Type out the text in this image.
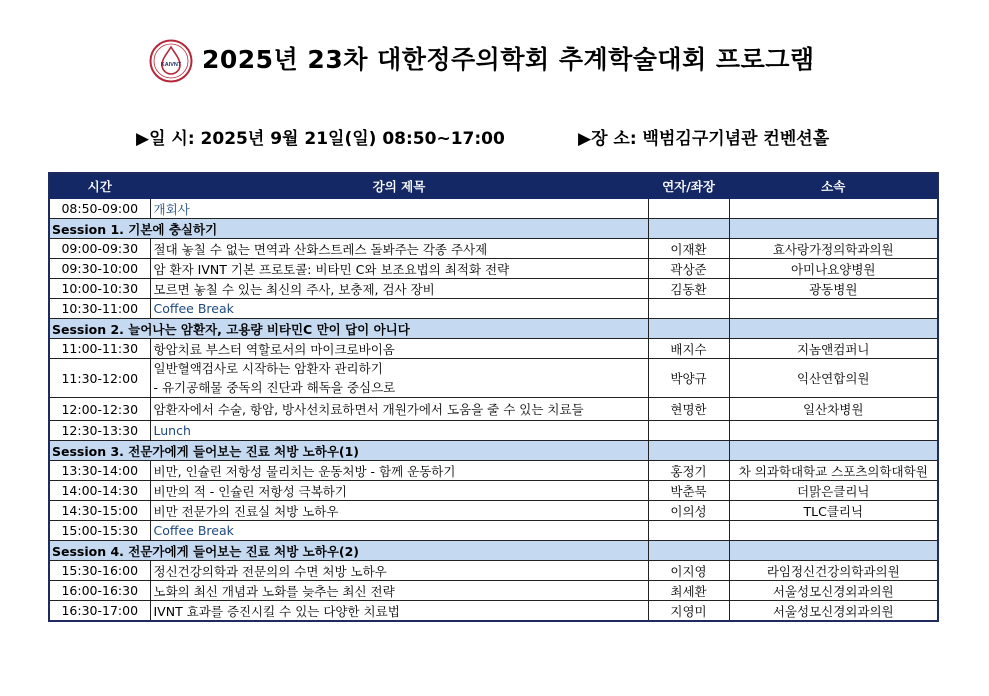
KAIVNT 2025년 23차 대한정주의학회 추계학술대회 프로그램
▶일 시: 2025년 9월 21일(일) 08:50~17:00	▶장 소: 백범김구기념관 컨벤션홀
시간	강의 제목	연자/좌장	소속
08:50-09:00	개회사		
Session 1. 기본에 충실하기			
09:00-09:30	절대 놓칠 수 없는 면역과 산화스트레스 돌봐주는 각종 주사제	이재환	효사랑가정의학과의원
09:30-10:00	암 환자 IVNT 기본 프로토콜: 비타민 C와 보조요법의 최적화 전략	곽상준	아미나요양병원
10:00-10:30	모르면 놓칠 수 있는 최신의 주사, 보충제, 검사 장비	김동환	광동병원
10:30-11:00	Coffee Break		
Session 2. 늘어나는 암환자, 고용량 비타민C 만이 답이 아니다			
11:00-11:30	항암치료 부스터 역할로서의 마이크로바이옴	배지수	지놈앤컴퍼니
11:30-12:00	일반혈액검사로 시작하는 암환자 관리하기
- 유기공해물 중독의 진단과 해독을 중심으로	박양규	익산연합의원
12:00-12:30	암환자에서 수술, 항암, 방사선치료하면서 개원가에서 도움을 줄 수 있는 치료들	현명한	일산차병원
12:30-13:30	Lunch		
Session 3. 전문가에게 들어보는 진료 처방 노하우(1)			
13:30-14:00	비만, 인슐린 저항성 물리치는 운동처방 - 함께 운동하기	홍정기	차 의과학대학교 스포츠의학대학원
14:00-14:30	비만의 적 - 인슐린 저항성 극복하기	박춘묵	더맑은클리닉
14:30-15:00	비만 전문가의 진료실 처방 노하우	이의성	TLC클리닉
15:00-15:30	Coffee Break		
Session 4. 전문가에게 들어보는 진료 처방 노하우(2)			
15:30-16:00	정신건강의학과 전문의의 수면 처방 노하우	이지영	라임정신건강의학과의원
16:00-16:30	노화의 최신 개념과 노화를 늦추는 최신 전략	최세환	서울성모신경외과의원
16:30-17:00	IVNT 효과를 증진시킬 수 있는 다양한 치료법	지영미	서울성모신경외과의원
